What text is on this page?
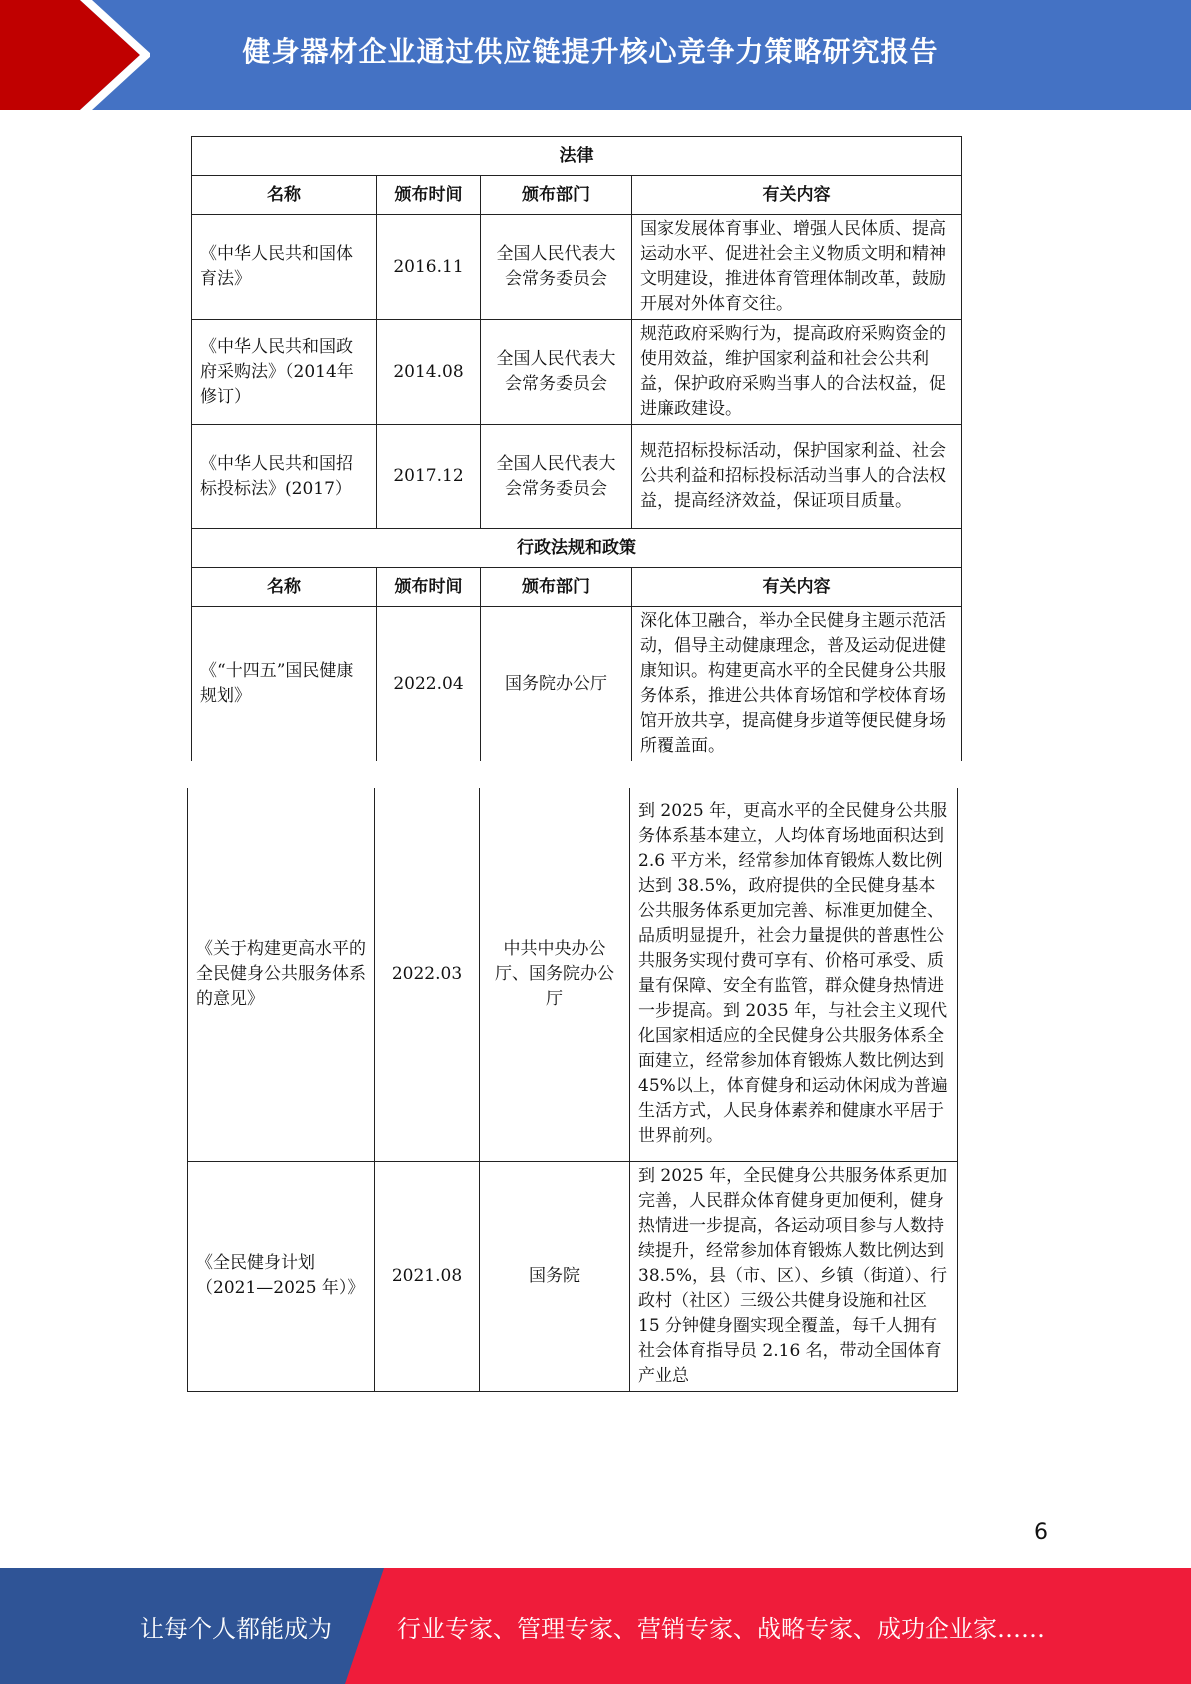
健身器材企业通过供应链提升核心竞争力策略研究报告
法律			
名称	颁布时间	颁布部门	有关内容
《中华人民共和国体育法》	2016.11	全国人民代表大会常务委员会	国家发展体育事业、增强人民体质、提高运动水平、促进社会主义物质文明和精神文明建设，推进体育管理体制改革，鼓励开展对外体育交往。
《中华人民共和国政府采购法》（2014年修订）	2014.08	全国人民代表大会常务委员会	规范政府采购行为，提高政府采购资金的使用效益，维护国家利益和社会公共利益，保护政府采购当事人的合法权益，促进廉政建设。
《中华人民共和国招标投标法》(2017）	2017.12	全国人民代表大会常务委员会	规范招标投标活动，保护国家利益、社会公共利益和招标投标活动当事人的合法权益，提高经济效益，保证项目质量。
行政法规和政策			
名称	颁布时间	颁布部门	有关内容
《“十四五”国民健康规划》	2022.04	国务院办公厅	深化体卫融合，举办全民健身主题示范活动，倡导主动健康理念，普及运动促进健康知识。构建更高水平的全民健身公共服务体系，推进公共体育场馆和学校体育场馆开放共享，提高健身步道等便民健身场所覆盖面。
《关于构建更高水平的全民健身公共服务体系的意见》	2022.03	中共中央办公厅、国务院办公厅	到 2025 年，更高水平的全民健身公共服务体系基本建立，人均体育场地面积达到 2.6 平方米，经常参加体育锻炼人数比例达到 38.5%，政府提供的全民健身基本公共服务体系更加完善、标准更加健全、品质明显提升，社会力量提供的普惠性公共服务实现付费可享有、价格可承受、质量有保障、安全有监管，群众健身热情进一步提高。到 2035 年，与社会主义现代化国家相适应的全民健身公共服务体系全面建立，经常参加体育锻炼人数比例达到 45%以上，体育健身和运动休闲成为普遍生活方式，人民身体素养和健康水平居于世界前列。
《全民健身计划（2021—2025 年）》	2021.08	国务院	到 2025 年，全民健身公共服务体系更加完善，人民群众体育健身更加便利，健身热情进一步提高，各运动项目参与人数持续提升，经常参加体育锻炼人数比例达到 38.5%，县（市、区）、乡镇（街道）、行政村（社区）三级公共健身设施和社区 15 分钟健身圈实现全覆盖，每千人拥有社会体育指导员 2.16 名，带动全国体育产业总
6
让每个人都能成为	行业专家、管理专家、营销专家、战略专家、成功企业家……
